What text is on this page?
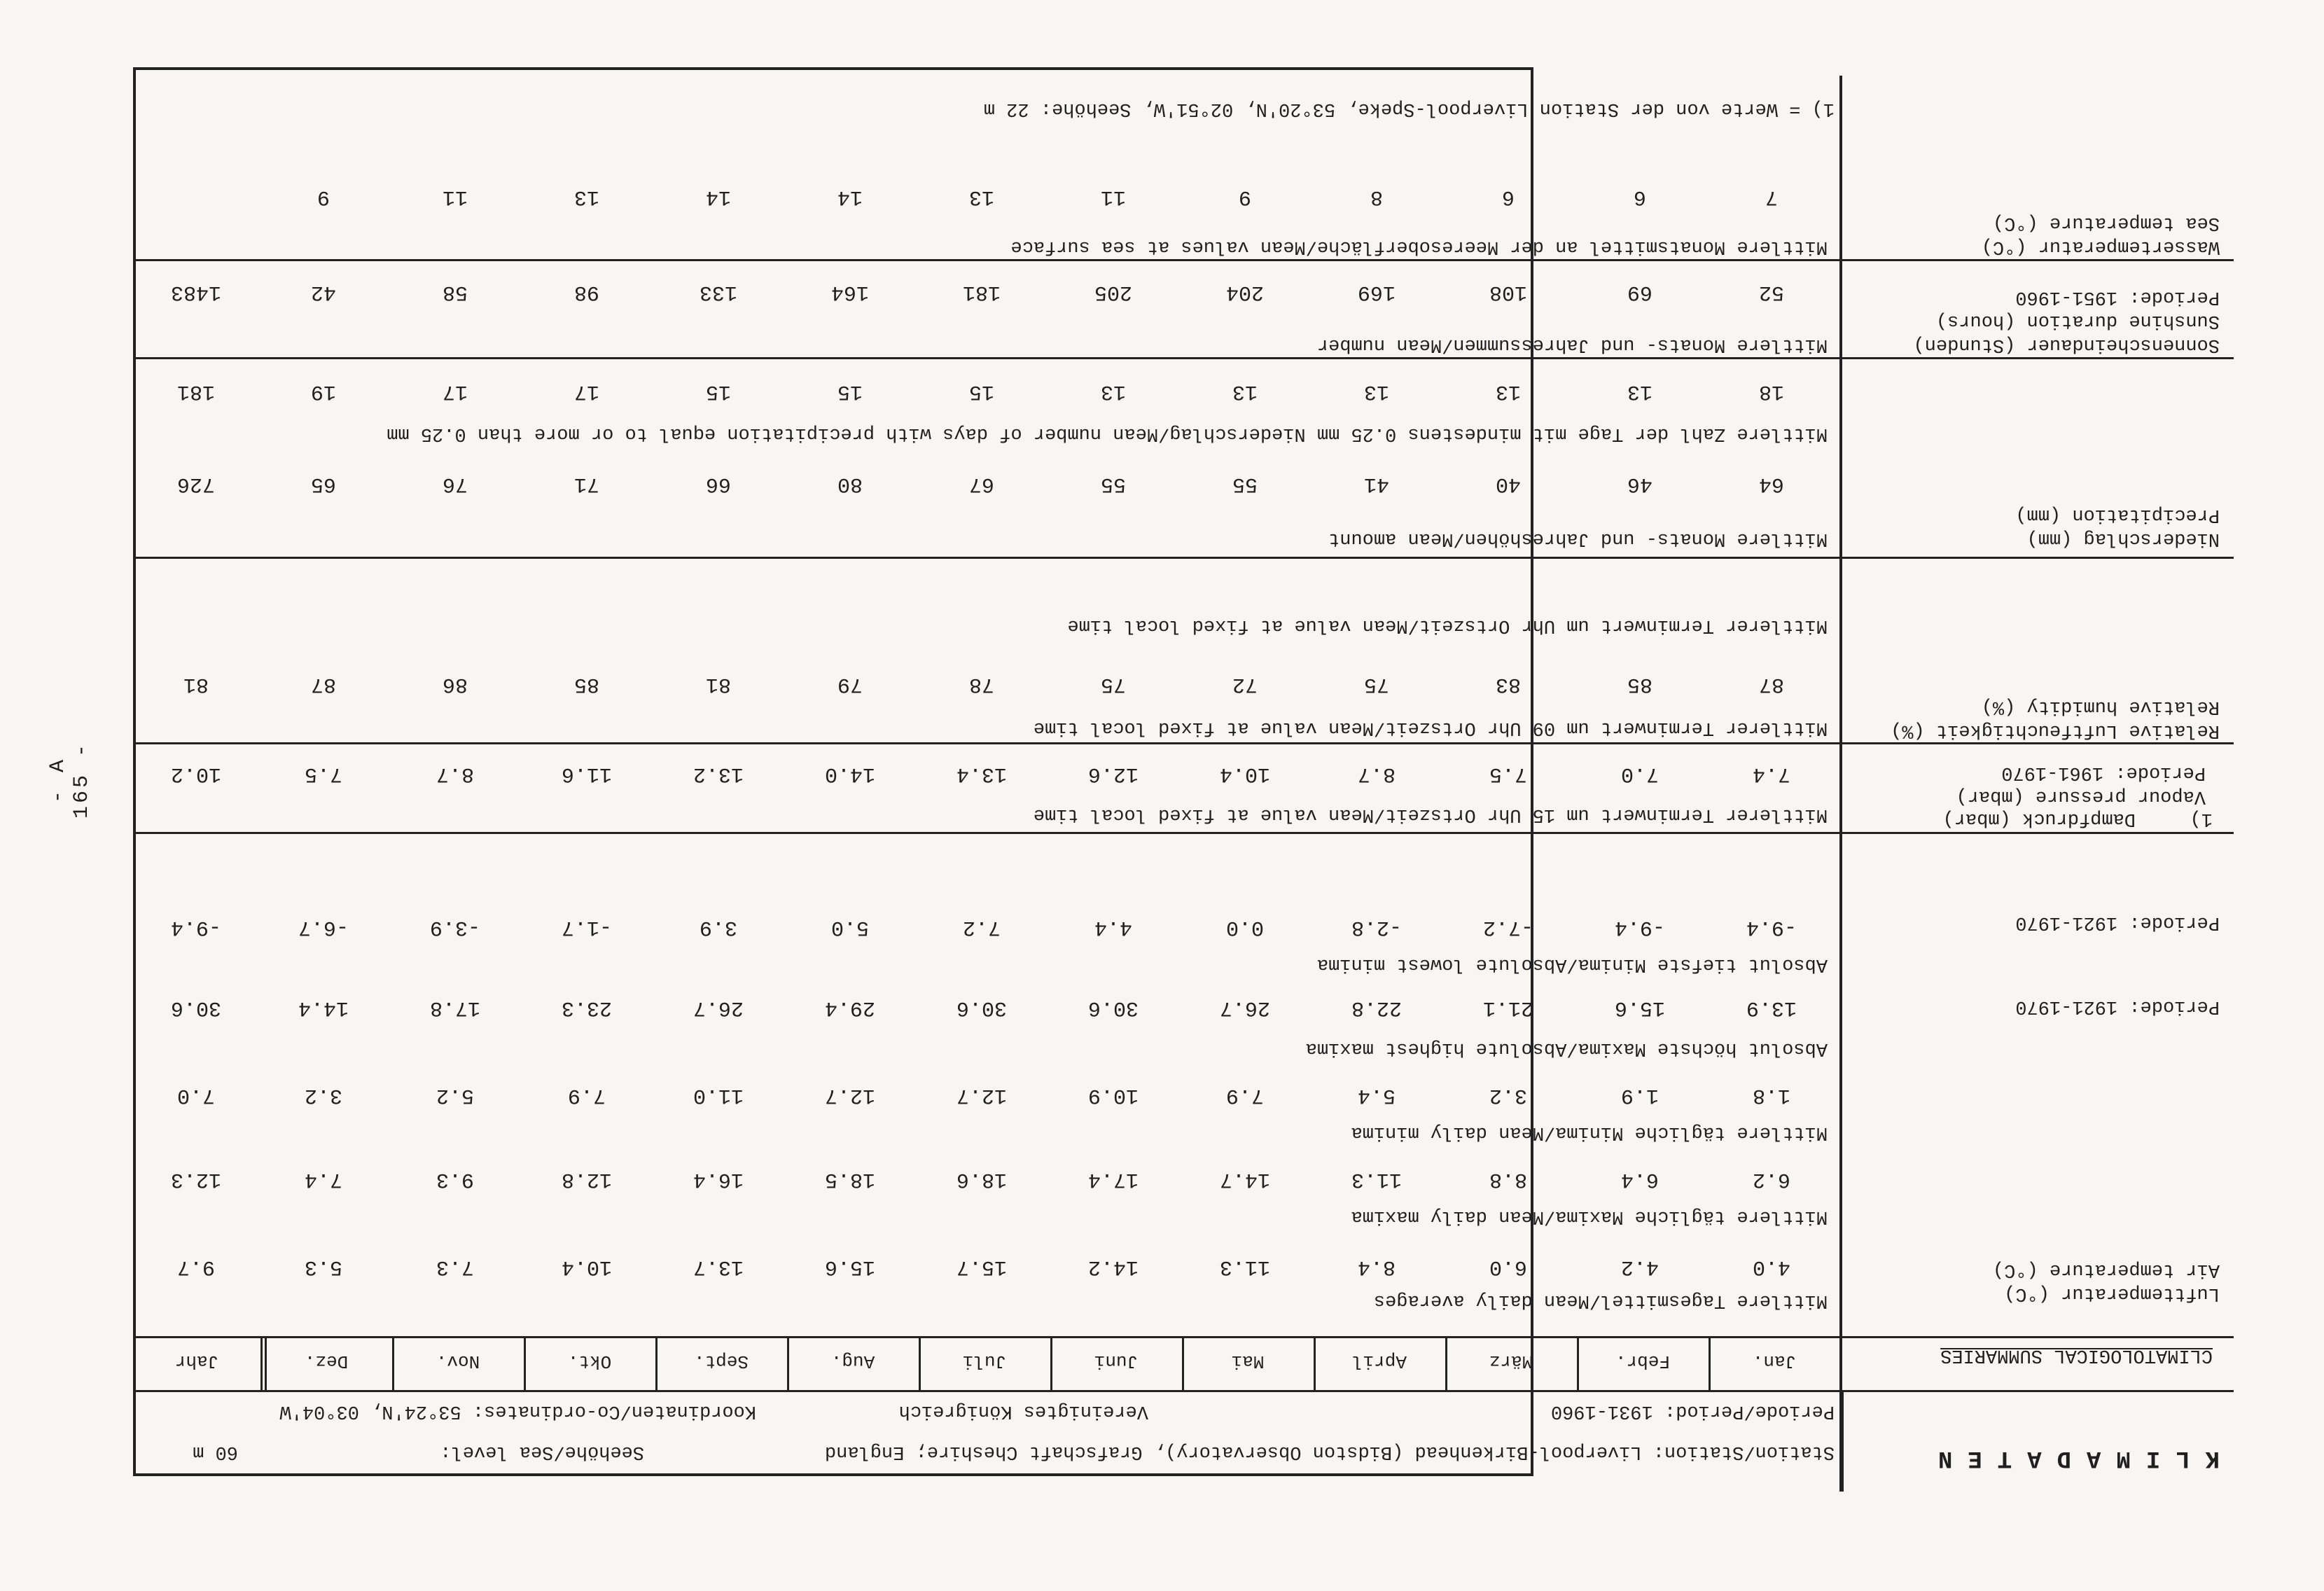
- A 165 -
KLIMADATEN
Station/Station: Liverpool-Birkenhead (Bidston Observatory), Grafschaft Cheshire; England
Seehöhe/Sea level:
60 m
Periode/Period: 1931-1960
Vereinigtes Königreich
Koordinaten/Co-ordinates: 53°24'N, 03°04'W
CLIMATOLOGICAL SUMMARIES
Jan.
Febr.
März
April
Mai
Juni
Juli
Aug.
Sept.
Okt.
Nov.
Dez.
Jahr
Lufttemperatur (°C)
Air temperature (°C)
Mittlere Tagesmittel/Mean daily averages
4.0
4.2
6.0
8.4
11.3
14.2
15.7
15.6
13.7
10.4
7.3
5.3
9.7
Mittlere tägliche Maxima/Mean daily maxima
6.2
6.4
8.8
11.3
14.7
17.4
18.6
18.5
16.4
12.8
9.3
7.4
12.3
Mittlere tägliche Minima/Mean daily minima
1.8
1.9
3.2
5.4
7.9
10.9
12.7
12.7
11.0
7.9
5.2
3.2
7.0
Absolut höchste Maxima/Absolute highest maxima
13.9
15.6
21.1
22.8
26.7
30.6
30.6
29.4
26.7
23.3
17.8
14.4
30.6
Absolut tiefste Minima/Absolute lowest minima
-9.4
-9.4
-7.2
-2.8
0.0
4.4
7.2
5.0
3.9
-1.7
-3.9
-6.7
-9.4
Periode: 1921-1970
Periode: 1921-1970
Dampfdruck (mbar)	1)
Vapour pressure (mbar)
Periode: 1961-1970
Mittlerer Terminwert um 15 Uhr Ortszeit/Mean value at fixed local time
7.4
7.0
7.5
8.7
10.4
12.6
13.4
14.0
13.2
11.6
8.7
7.5
10.2
Relative Luftfeuchtigkeit (%)
Relative humidity (%)
Mittlerer Terminwert um 09 Uhr Ortszeit/Mean value at fixed local time
87
85
83
75
72
75
78
79
81
85
86
87
81
Mittlerer Terminwert um Uhr Ortszeit/Mean value at fixed local time
Niederschlag (mm)
Precipitation (mm)
Mittlere Monats- und Jahreshöhen/Mean amount
64
46
40
41
55
55
67
80
66
71
76
65
726
Mittlere Zahl der Tage mit mindestens 0.25 mm Niederschlag/Mean number of days with precipitation equal to or more than 0.25 mm
18
13
13
13
13
13
15
15
15
17
17
19
181
Sonnenscheindauer (Stunden)
Sunshine duration (hours)
Periode: 1951-1960
Mittlere Monats- und Jahressummen/Mean number
52
69
108
169
204
205
181
164
133
98
58
42
1483
Wassertemperatur (°C)
Sea temperature (°C)
Mittlere Monatsmittel an der Meeresoberfläche/Mean values at sea surface
7
6
6
8
9
11
13
14
14
13
11
9
1) = Werte von der Station Liverpool-Speke, 53°20'N, 02°51'W, Seehöhe: 22 m
